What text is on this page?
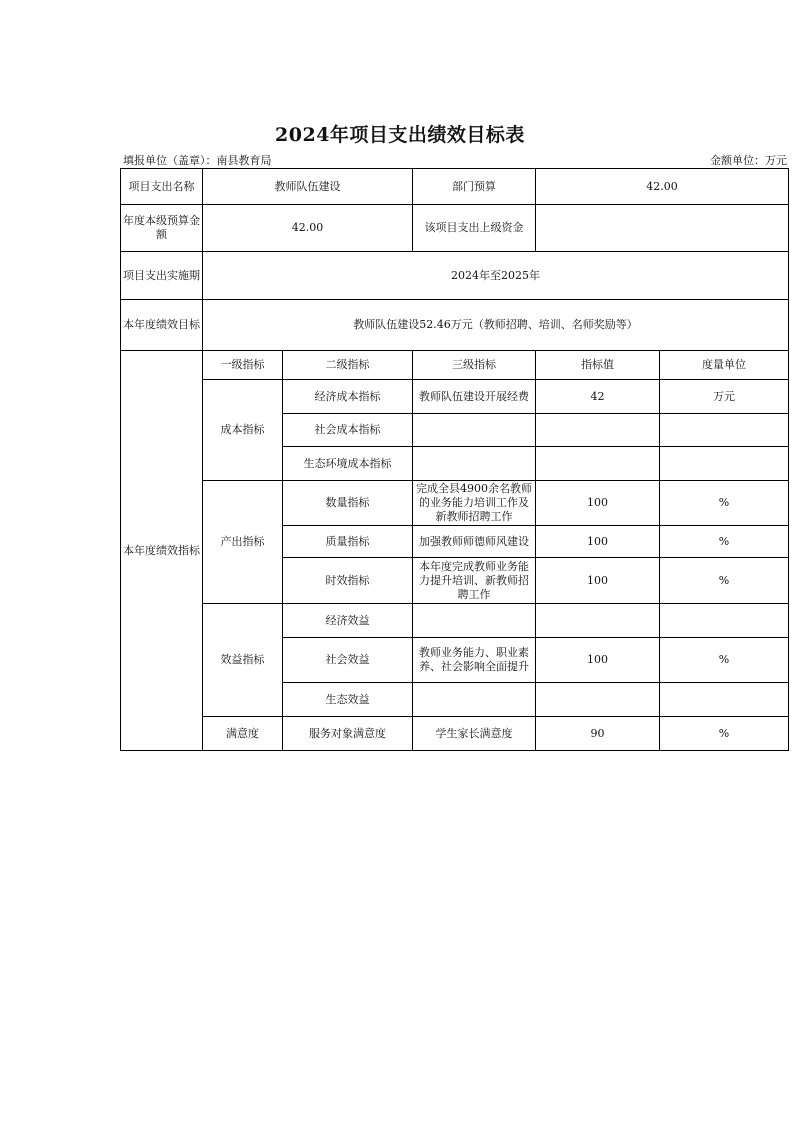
2024年项目支出绩效目标表
填报单位（盖章）：南县教育局	金额单位：万元
项目支出名称	教师队伍建设		部门预算	42.00	
年度本级预算金额	42.00		该项目支出上级资金		
项目支出实施期	2024年至2025年				
本年度绩效目标	教师队伍建设52.46万元（教师招聘、培训、名师奖励等）				
本年度绩效指标	一级指标	二级指标	三级指标	指标值	度量单位
	成本指标	经济成本指标	教师队伍建设开展经费	42	万元
		社会成本指标			
		生态环境成本指标			
	产出指标	数量指标	完成全县4900余名教师的业务能力培训工作及新教师招聘工作	100	%
		质量指标	加强教师师德师风建设	100	%
		时效指标	本年度完成教师业务能力提升培训、新教师招聘工作	100	%
	效益指标	经济效益			
		社会效益	教师业务能力、职业素养、社会影响全面提升	100	%
		生态效益			
	满意度	服务对象满意度	学生家长满意度	90	%
